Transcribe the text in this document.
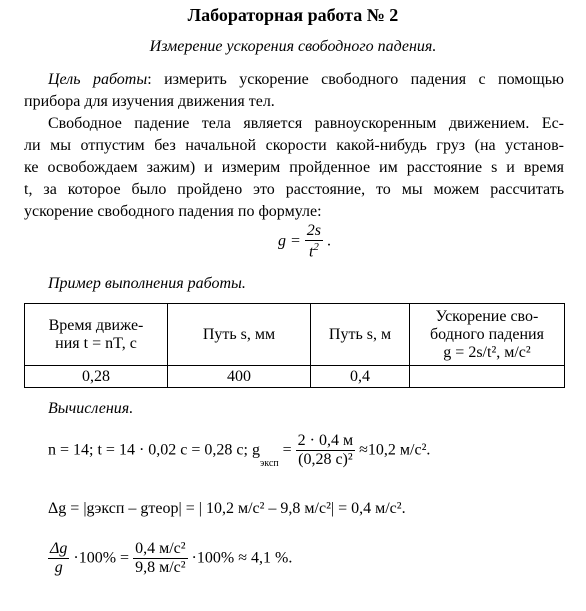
Лабораторная работа № 2
Измерение ускорения свободного падения.
Цель работы: измерить ускорение свободного падения с помощью
прибора для изучения движения тел.
Свободное падение тела является равноускоренным движением. Ес-
ли мы отпустим без начальной скорости какой-нибудь груз (на установ-
ке освобождаем зажим) и измерим пройденное им расстояние s и время
t, за которое было пройдено это расстояние, то мы можем рассчитать
ускорение свободного падения по формуле:
$g = \frac{2s}{t^2}$ .
Пример выполнения работы.
Время движе-
ния t = nT, с	Путь s, мм	Путь s, м	Ускорение сво-
бодного падения
g = 2s/t², м/с²
0,28	400	0,4	
Вычисления.
n = 14; t = 14 · 0,02 с = 0,28 с; $g_{эксп} = \frac{2 \cdot 0,4 м}{\text{(0,28 с)²}} \approx 10,2$ м/с².
Δg = |gэксп – gтеор| = | 10,2 м/с² – 9,8 м/с²| = 0,4 м/с².
$\frac{\Delta g}{g} \cdot 100\% = \frac{\text{0,4 м/с²}}{\text{9,8 м/с²}} \cdot 100\% \approx 4,1$ %.
